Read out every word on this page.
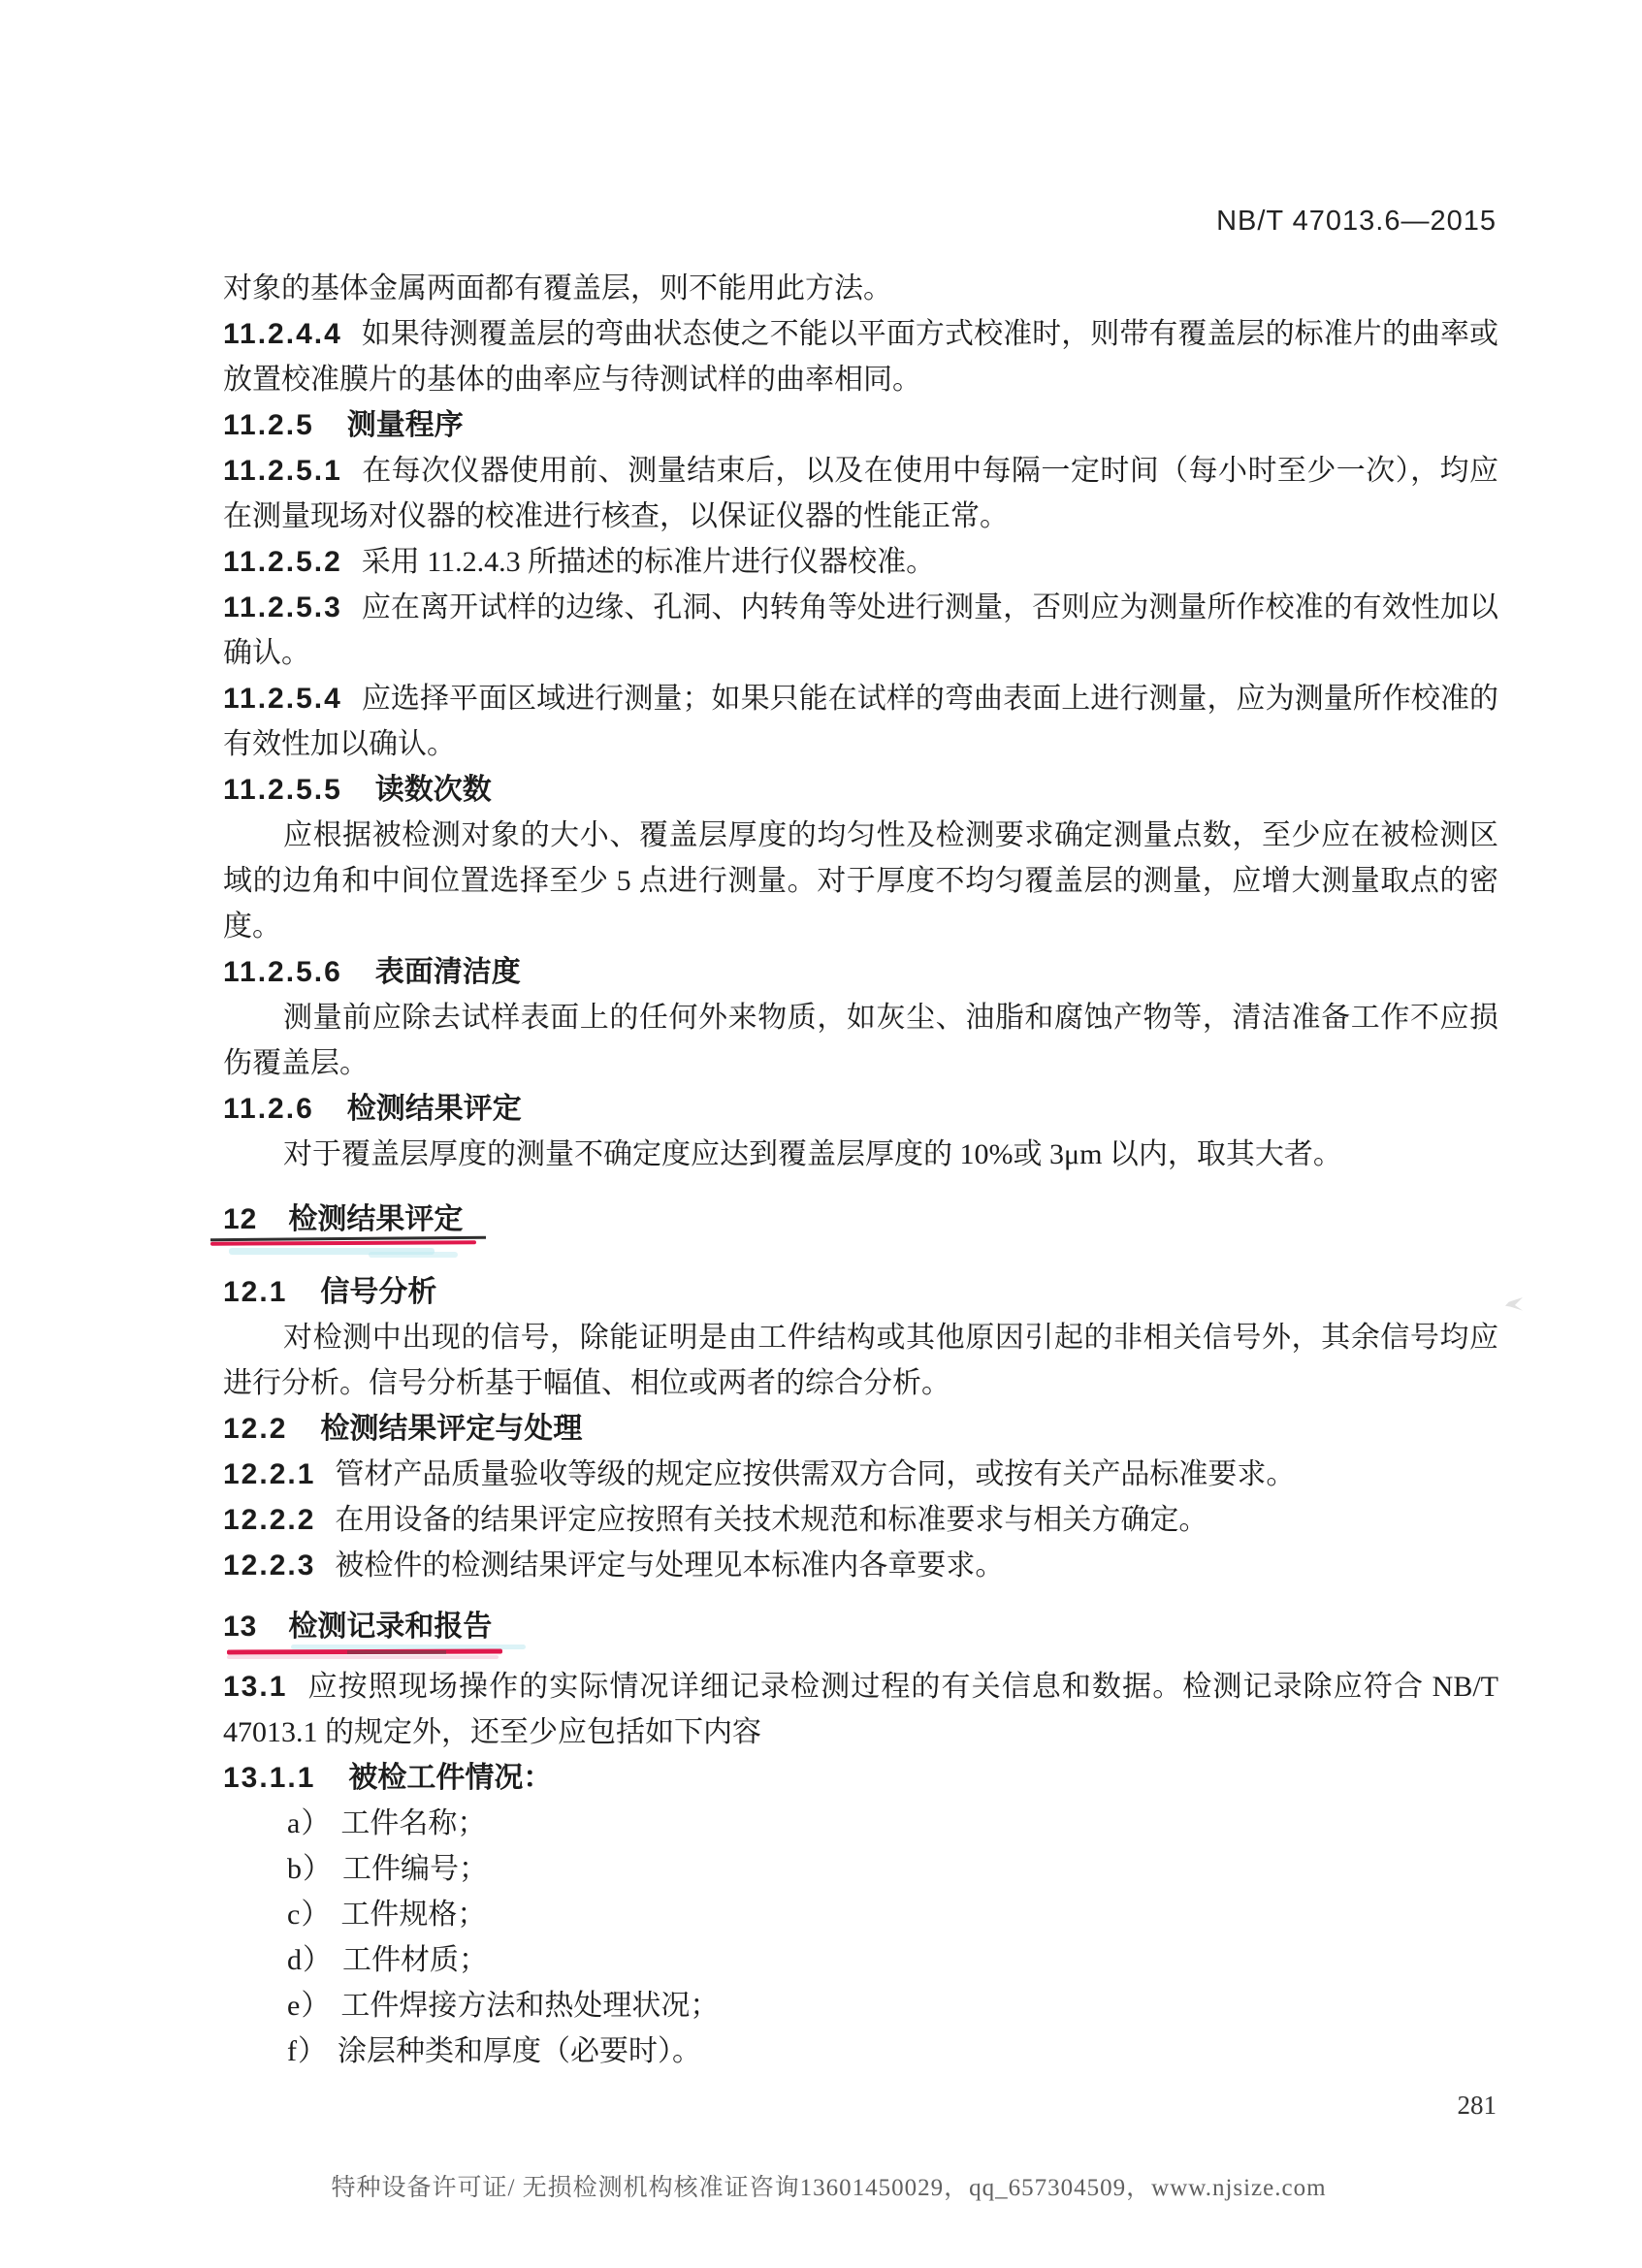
NB/T 47013.6—2015
对象的基体金属两面都有覆盖层，则不能用此方法。
11.2.4.4 如果待测覆盖层的弯曲状态使之不能以平面方式校准时，则带有覆盖层的标准片的曲率或放置校准膜片的基体的曲率应与待测试样的曲率相同。
11.2.5 测量程序
11.2.5.1 在每次仪器使用前、测量结束后，以及在使用中每隔一定时间（每小时至少一次），均应在测量现场对仪器的校准进行核查，以保证仪器的性能正常。
11.2.5.2 采用 11.2.4.3 所描述的标准片进行仪器校准。
11.2.5.3 应在离开试样的边缘、孔洞、内转角等处进行测量，否则应为测量所作校准的有效性加以确认。
11.2.5.4 应选择平面区域进行测量；如果只能在试样的弯曲表面上进行测量，应为测量所作校准的有效性加以确认。
11.2.5.5 读数次数
应根据被检测对象的大小、覆盖层厚度的均匀性及检测要求确定测量点数，至少应在被检测区域的边角和中间位置选择至少 5 点进行测量。对于厚度不均匀覆盖层的测量，应增大测量取点的密度。
11.2.5.6 表面清洁度
测量前应除去试样表面上的任何外来物质，如灰尘、油脂和腐蚀产物等，清洁准备工作不应损伤覆盖层。
11.2.6 检测结果评定
对于覆盖层厚度的测量不确定度应达到覆盖层厚度的 10%或 3μm 以内，取其大者。
12 检测结果评定
12.1 信号分析
对检测中出现的信号，除能证明是由工件结构或其他原因引起的非相关信号外，其余信号均应进行分析。信号分析基于幅值、相位或两者的综合分析。
12.2 检测结果评定与处理
12.2.1 管材产品质量验收等级的规定应按供需双方合同，或按有关产品标准要求。
12.2.2 在用设备的结果评定应按照有关技术规范和标准要求与相关方确定。
12.2.3 被检件的检测结果评定与处理见本标准内各章要求。
13 检测记录和报告
13.1 应按照现场操作的实际情况详细记录检测过程的有关信息和数据。检测记录除应符合 NB/T 47013.1 的规定外，还至少应包括如下内容
13.1.1 被检工件情况：
a） 工件名称；
b） 工件编号；
c） 工件规格；
d） 工件材质；
e） 工件焊接方法和热处理状况；
f） 涂层种类和厚度（必要时）。
281
特种设备许可证/ 无损检测机构核准证咨询13601450029，qq_657304509，www.njsize.com
